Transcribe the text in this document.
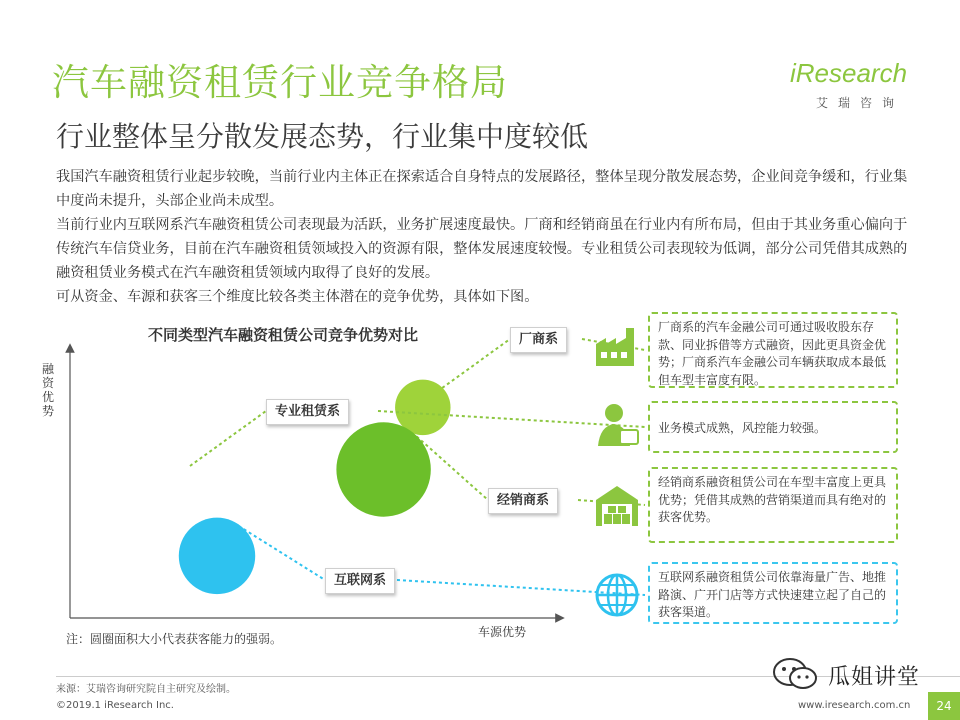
汽车融资租赁行业竞争格局
行业整体呈分散发展态势，行业集中度较低
iResearch
艾瑞咨询

我国汽车融资租赁行业起步较晚，当前行业内主体正在探索适合自身特点的发展路径，整体呈现分散发展态势，企业间竞争缓和，行业集中度尚未提升，头部企业尚未成型。

当前行业内互联网系汽车融资租赁公司表现最为活跃，业务扩展速度最快。厂商和经销商虽在行业内有所布局，但由于其业务重心偏向于传统汽车信贷业务，目前在汽车融资租赁领域投入的资源有限，整体发展速度较慢。专业租赁公司表现较为低调，部分公司凭借其成熟的融资租赁业务模式在汽车融资租赁领域内取得了良好的发展。

可从资金、车源和获客三个维度比较各类主体潜在的竞争优势，具体如下图。

不同类型汽车融资租赁公司竞争优势对比
融资优势
车源优势
注：圆圈面积大小代表获客能力的强弱。
厂商系
专业租赁系
经销商系
互联网系
厂商系的汽车金融公司可通过吸收股东存款、同业拆借等方式融资，因此更具资金优势；厂商系汽车金融公司车辆获取成本最低但车型丰富度有限。
业务模式成熟，风控能力较强。
经销商系融资租赁公司在车型丰富度上更具优势；凭借其成熟的营销渠道而具有绝对的获客优势。
互联网系融资租赁公司依靠海量广告、地推路演、广开门店等方式快速建立起了自己的获客渠道。
来源：艾瑞咨询研究院自主研究及绘制。
©2019.1 iResearch Inc.	www.iresearch.com.cn	24
瓜姐讲堂
